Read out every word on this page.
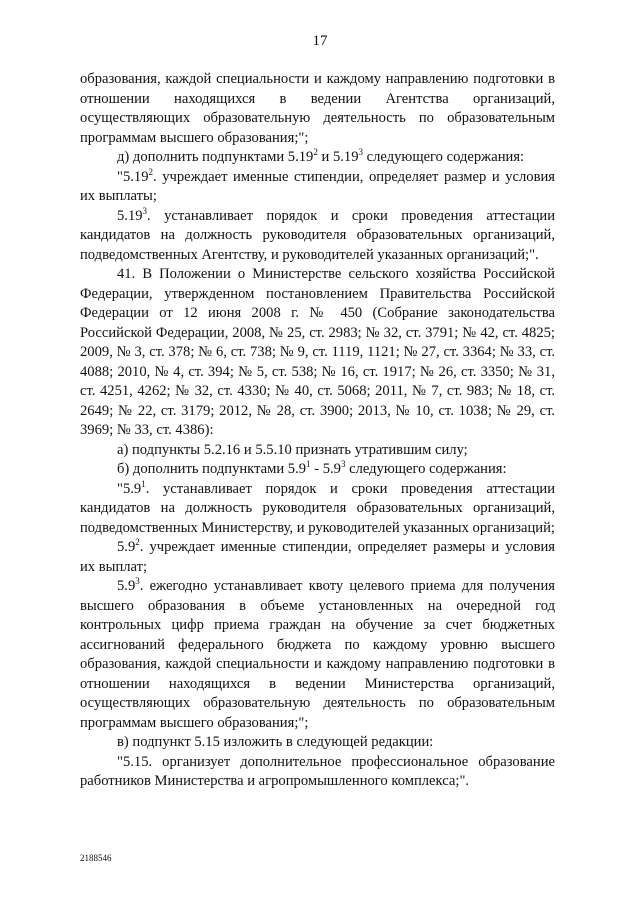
17

образования, каждой специальности и каждому направлению подготовки в отношении находящихся в ведении Агентства организаций, осуществляющих образовательную деятельность по образовательным программам высшего образования;";

д) дополнить подпунктами 5.19$^2$ и 5.19$^3$ следующего содержания:

"5.19$^2$. учреждает именные стипендии, определяет размер и условия их выплаты;

5.19$^3$. устанавливает порядок и сроки проведения аттестации кандидатов на должность руководителя образовательных организаций, подведомственных Агентству, и руководителей указанных организаций;".

41. В Положении о Министерстве сельского хозяйства Российской Федерации, утвержденном постановлением Правительства Российской Федерации от 12 июня 2008 г. № 450 (Собрание законодательства Российской Федерации, 2008, № 25, ст. 2983; № 32, ст. 3791; № 42, ст. 4825; 2009, № 3, ст. 378; № 6, ст. 738; № 9, ст. 1119, 1121; № 27, ст. 3364; № 33, ст. 4088; 2010, № 4, ст. 394; № 5, ст. 538; № 16, ст. 1917; № 26, ст. 3350; № 31, ст. 4251, 4262; № 32, ст. 4330; № 40, ст. 5068; 2011, № 7, ст. 983; № 18, ст. 2649; № 22, ст. 3179; 2012, № 28, ст. 3900; 2013, № 10, ст. 1038; № 29, ст. 3969; № 33, ст. 4386):

а) подпункты 5.2.16 и 5.5.10 признать утратившим силу;

б) дополнить подпунктами $5.9^1 - 5.9^3$ следующего содержания:

"$5.9^1$. устанавливает порядок и сроки проведения аттестации кандидатов на должность руководителя образовательных организаций, подведомственных Министерству, и руководителей указанных организаций;

$5.9^2$. учреждает именные стипендии, определяет размеры и условия их выплат;

$5.9^3$. ежегодно устанавливает квоту целевого приема для получения высшего образования в объеме установленных на очередной год контрольных цифр приема граждан на обучение за счет бюджетных ассигнований федерального бюджета по каждому уровню высшего образования, каждой специальности и каждому направлению подготовки в отношении находящихся в ведении Министерства организаций, осуществляющих образовательную деятельность по образовательным программам высшего образования;";

в) подпункт 5.15 изложить в следующей редакции:

"5.15. организует дополнительное профессиональное образование работников Министерства и агропромышленного комплекса;".

2188546
